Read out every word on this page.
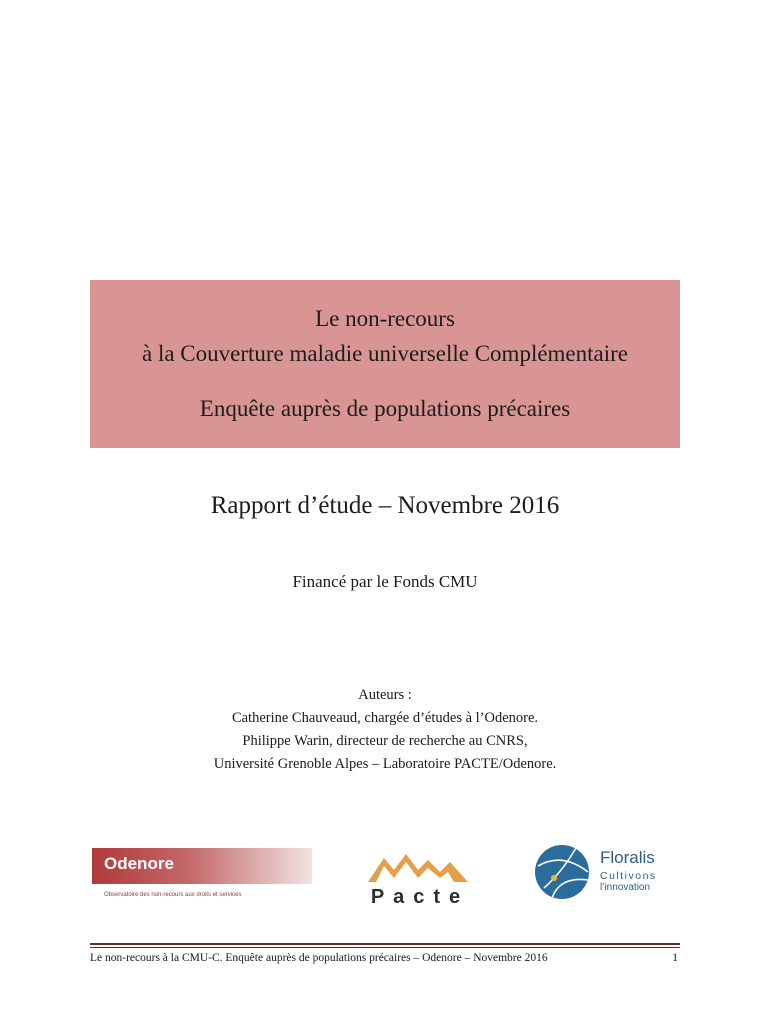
Le non-recours
à la Couverture maladie universelle Complémentaire
Enquête auprès de populations précaires
Rapport d’étude – Novembre 2016
Financé par le Fonds CMU
Auteurs :
Catherine Chauveaud, chargée d’études à l’Odenore.
Philippe Warin, directeur de recherche au CNRS,
Université Grenoble Alpes – Laboratoire PACTE/Odenore.
Odenore
Observatoire des non-recours aux droits et services	Pacte
Floralis
Cultivons
l’innovation
Le non-recours à la CMU-C. Enquête auprès de populations précaires – Odenore – Novembre 2016	1
